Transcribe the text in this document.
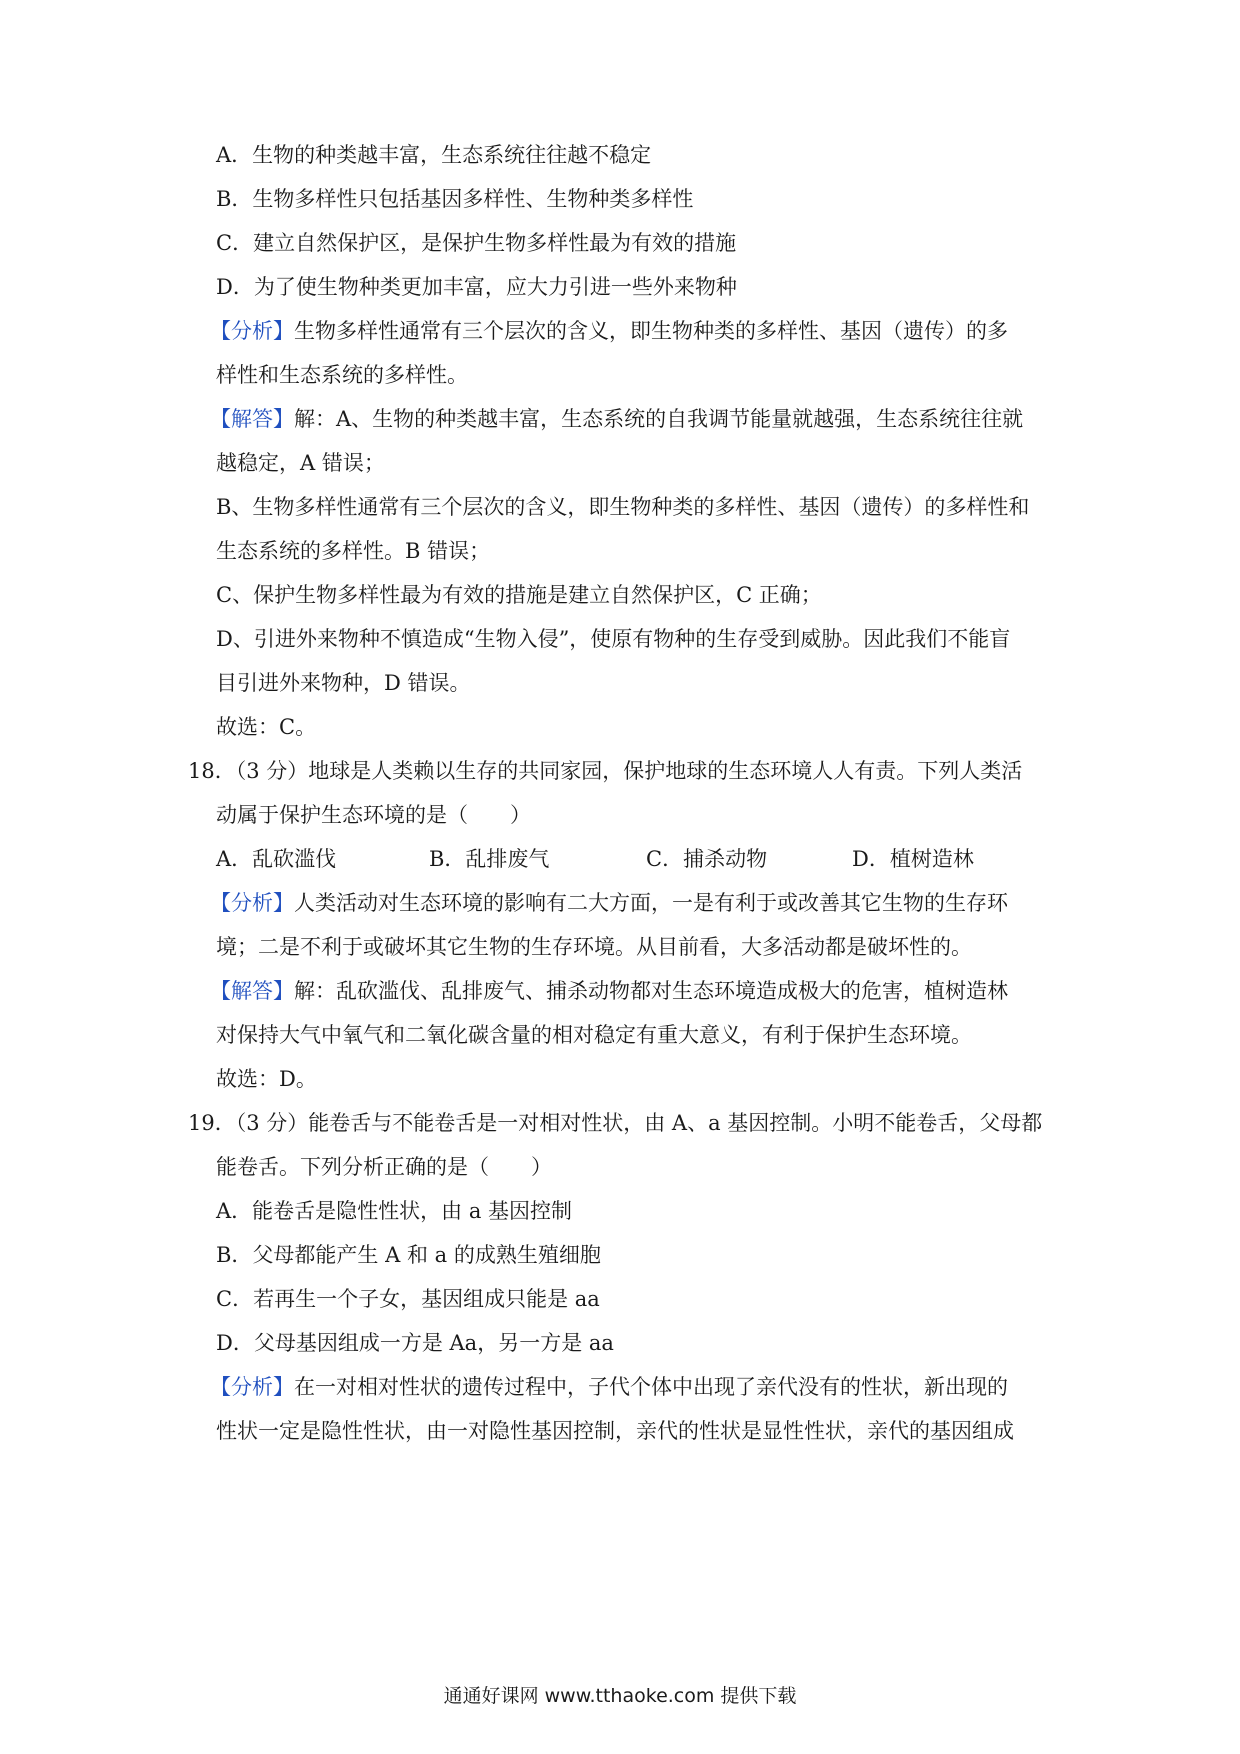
A．生物的种类越丰富，生态系统往往越不稳定
B．生物多样性只包括基因多样性、生物种类多样性
C．建立自然保护区，是保护生物多样性最为有效的措施
D．为了使生物种类更加丰富，应大力引进一些外来物种
【分析】生物多样性通常有三个层次的含义，即生物种类的多样性、基因（遗传）的多
样性和生态系统的多样性。
【解答】解：A、生物的种类越丰富，生态系统的自我调节能量就越强，生态系统往往就
越稳定，A 错误；
B、生物多样性通常有三个层次的含义，即生物种类的多样性、基因（遗传）的多样性和
生态系统的多样性。B 错误；
C、保护生物多样性最为有效的措施是建立自然保护区，C 正确；
D、引进外来物种不慎造成“生物入侵”，使原有物种的生存受到威胁。因此我们不能盲
目引进外来物种，D 错误。
故选：C。
18．（3 分）地球是人类赖以生存的共同家园，保护地球的生态环境人人有责。下列人类活
动属于保护生态环境的是（　　）
A．乱砍滥伐	B．乱排废气	C．捕杀动物	D．植树造林
【分析】人类活动对生态环境的影响有二大方面，一是有利于或改善其它生物的生存环
境；二是不利于或破坏其它生物的生存环境。从目前看，大多活动都是破坏性的。
【解答】解：乱砍滥伐、乱排废气、捕杀动物都对生态环境造成极大的危害，植树造林
对保持大气中氧气和二氧化碳含量的相对稳定有重大意义，有利于保护生态环境。
故选：D。
19．（3 分）能卷舌与不能卷舌是一对相对性状，由 A、a 基因控制。小明不能卷舌，父母都
能卷舌。下列分析正确的是（　　）
A．能卷舌是隐性性状，由 a 基因控制
B．父母都能产生 A 和 a 的成熟生殖细胞
C．若再生一个子女，基因组成只能是 aa
D．父母基因组成一方是 Aa，另一方是 aa
【分析】在一对相对性状的遗传过程中，子代个体中出现了亲代没有的性状，新出现的
性状一定是隐性性状，由一对隐性基因控制，亲代的性状是显性性状，亲代的基因组成
通通好课网 www.tthaoke.com 提供下载
